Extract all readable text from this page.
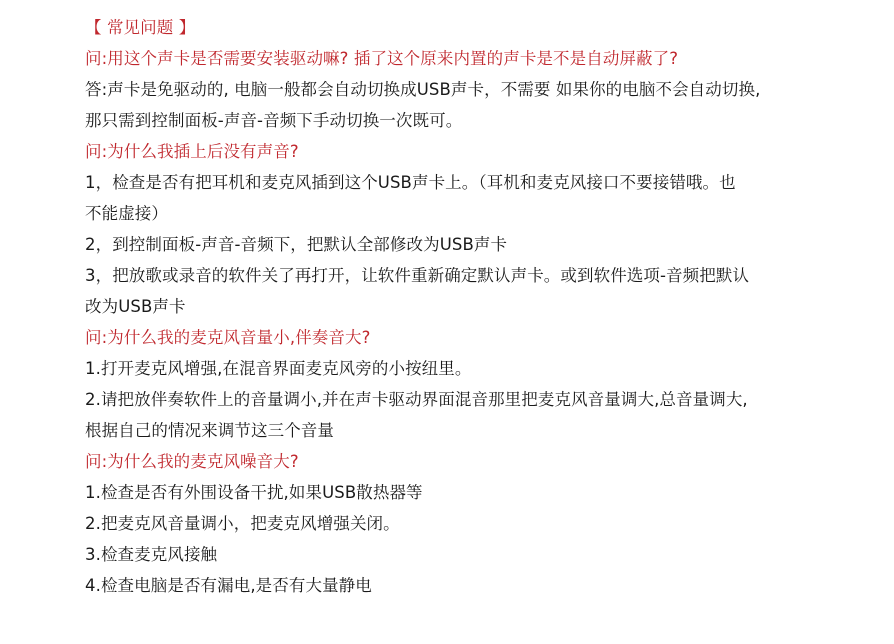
【 常见问题 】
问:用这个声卡是否需要安装驱动嘛? 插了这个原来内置的声卡是不是自动屏蔽了?
答:声卡是免驱动的, 电脑一般都会自动切换成USB声卡，不需要 如果你的电脑不会自动切换,
那只需到控制面板-声音-音频下手动切换一次既可。
问:为什么我插上后没有声音?
1，检查是否有把耳机和麦克风插到这个USB声卡上。（耳机和麦克风接口不要接错哦。也
不能虚接）
2，到控制面板-声音-音频下，把默认全部修改为USB声卡
3，把放歌或录音的软件关了再打开，让软件重新确定默认声卡。或到软件选项-音频把默认
改为USB声卡
问:为什么我的麦克风音量小,伴奏音大?
1.打开麦克风增强,在混音界面麦克风旁的小按纽里。
2.请把放伴奏软件上的音量调小,并在声卡驱动界面混音那里把麦克风音量调大,总音量调大,
根据自己的情况来调节这三个音量
问:为什么我的麦克风噪音大?
1.检查是否有外围设备干扰,如果USB散热器等
2.把麦克风音量调小，把麦克风增强关闭。
3.检查麦克风接触
4.检查电脑是否有漏电,是否有大量静电
